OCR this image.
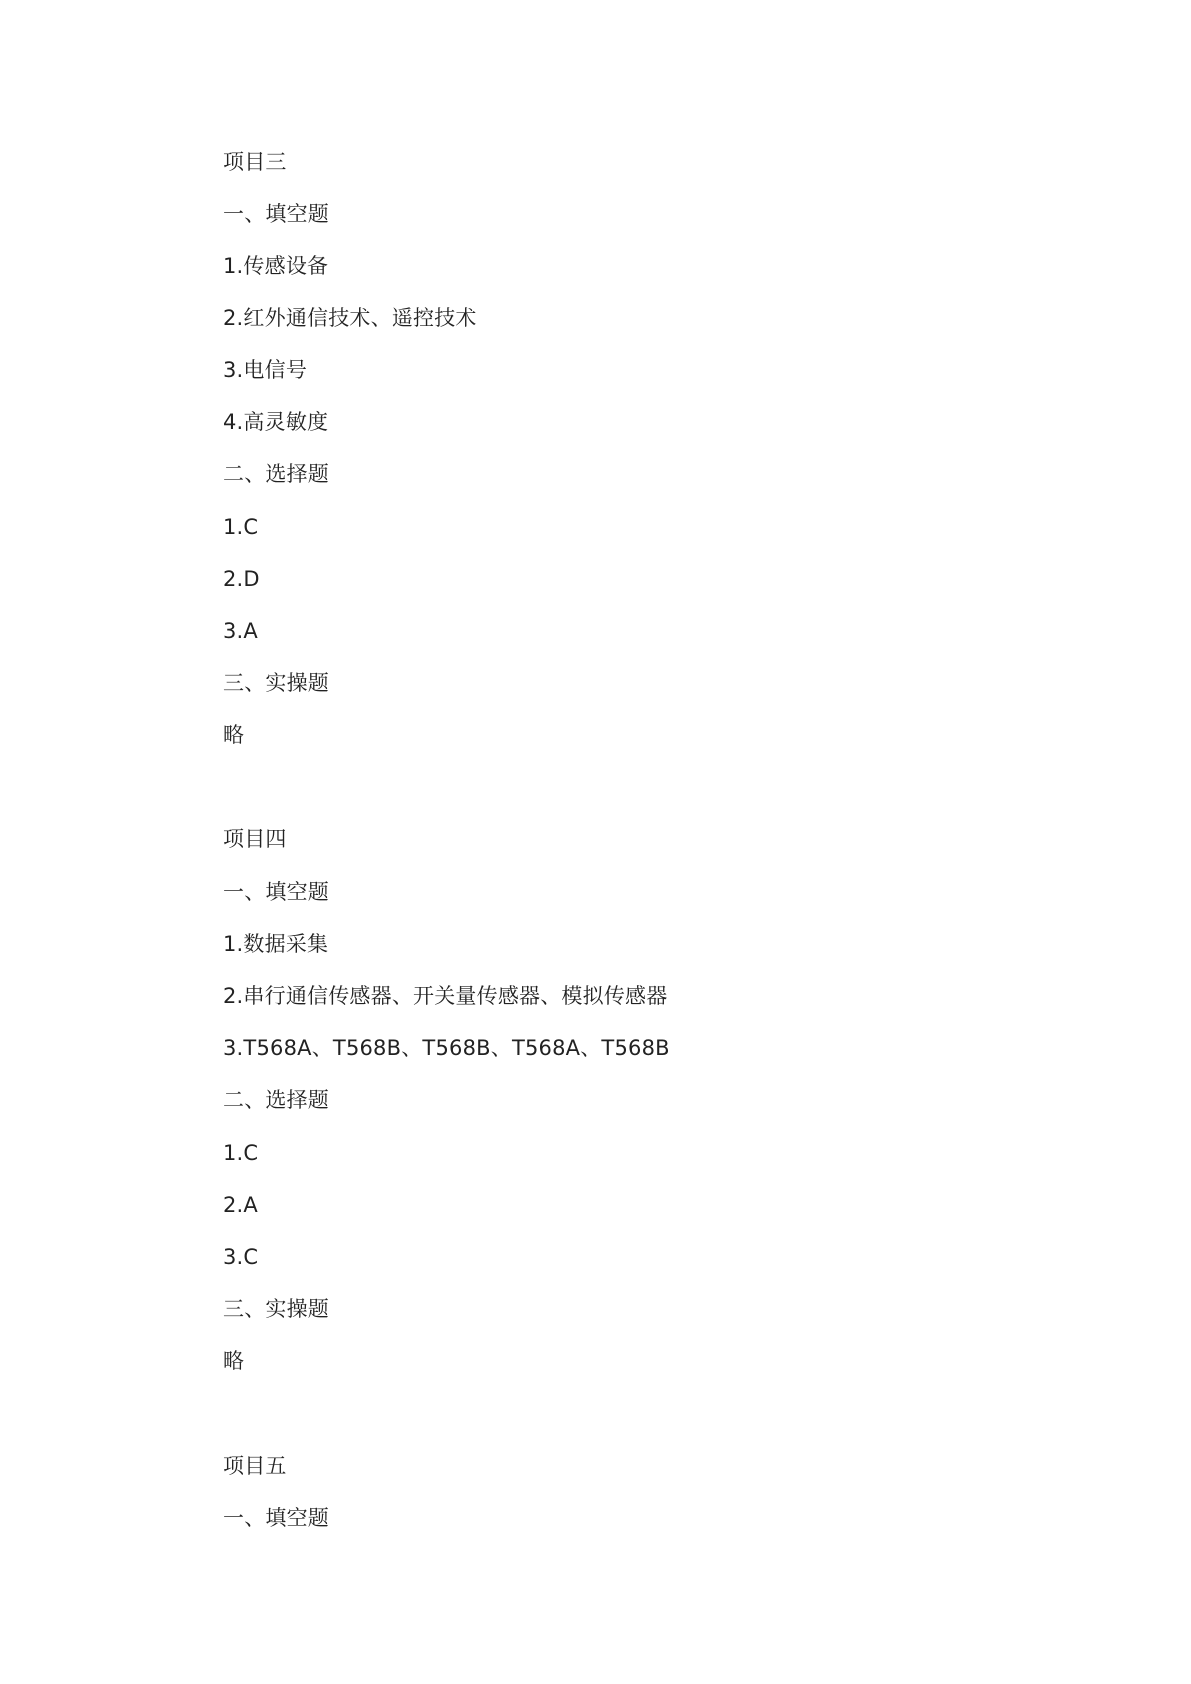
项目三
一、填空题
1.传感设备
2.红外通信技术、遥控技术
3.电信号
4.高灵敏度
二、选择题
1.C
2.D
3.A
三、实操题
略
项目四
一、填空题
1.数据采集
2.串行通信传感器、开关量传感器、模拟传感器
3.T568A、T568B、T568B、T568A、T568B
二、选择题
1.C
2.A
3.C
三、实操题
略
项目五
一、填空题
